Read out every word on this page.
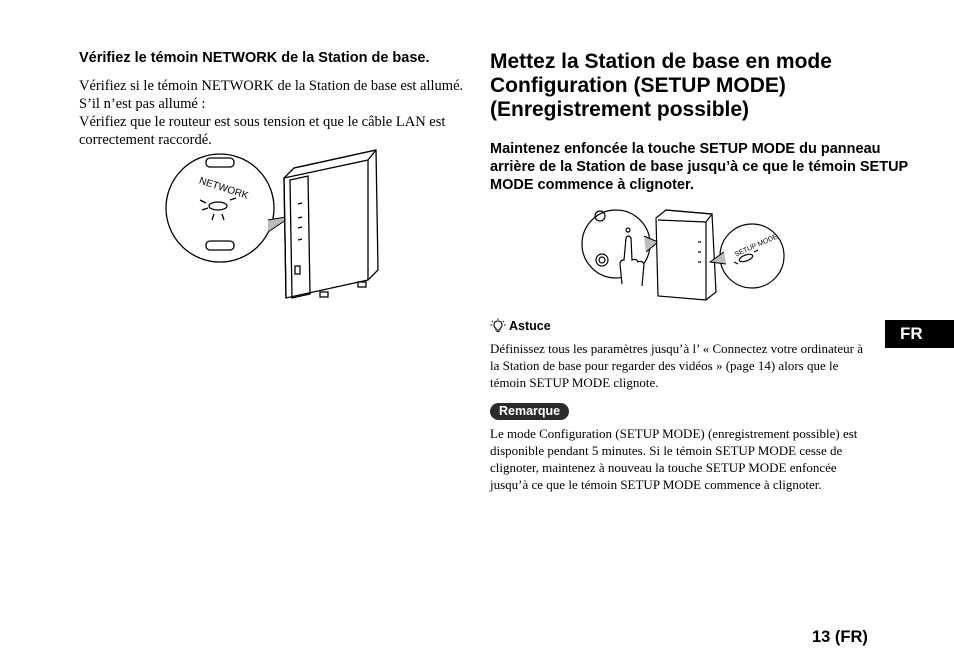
Vérifiez le témoin NETWORK de la Station de base.

Vérifiez si le témoin NETWORK de la Station de base est allumé. S’il n’est pas allumé :

Vérifiez que le routeur est sous tension et que le câble LAN est correctement raccordé.

NETWORK
Mettez la Station de base en mode Configuration (SETUP MODE) (Enregistrement possible)
Maintenez enfoncée la touche SETUP MODE du panneau arrière de la Station de base jusqu’à ce que le témoin SETUP MODE commence à clignoter.
SETUP MODE
Astuce
Définissez tous les paramètres jusqu’à l’ « Connectez votre ordinateur à la Station de base pour regarder des vidéos » (page 14) alors que le témoin SETUP MODE clignote.
Remarque
Le mode Configuration (SETUP MODE) (enregistrement possible) est disponible pendant 5 minutes. Si le témoin SETUP MODE cesse de clignoter, maintenez à nouveau la touche SETUP MODE enfoncée jusqu’à ce que le témoin SETUP MODE commence à clignoter.
FR
13 (FR)
